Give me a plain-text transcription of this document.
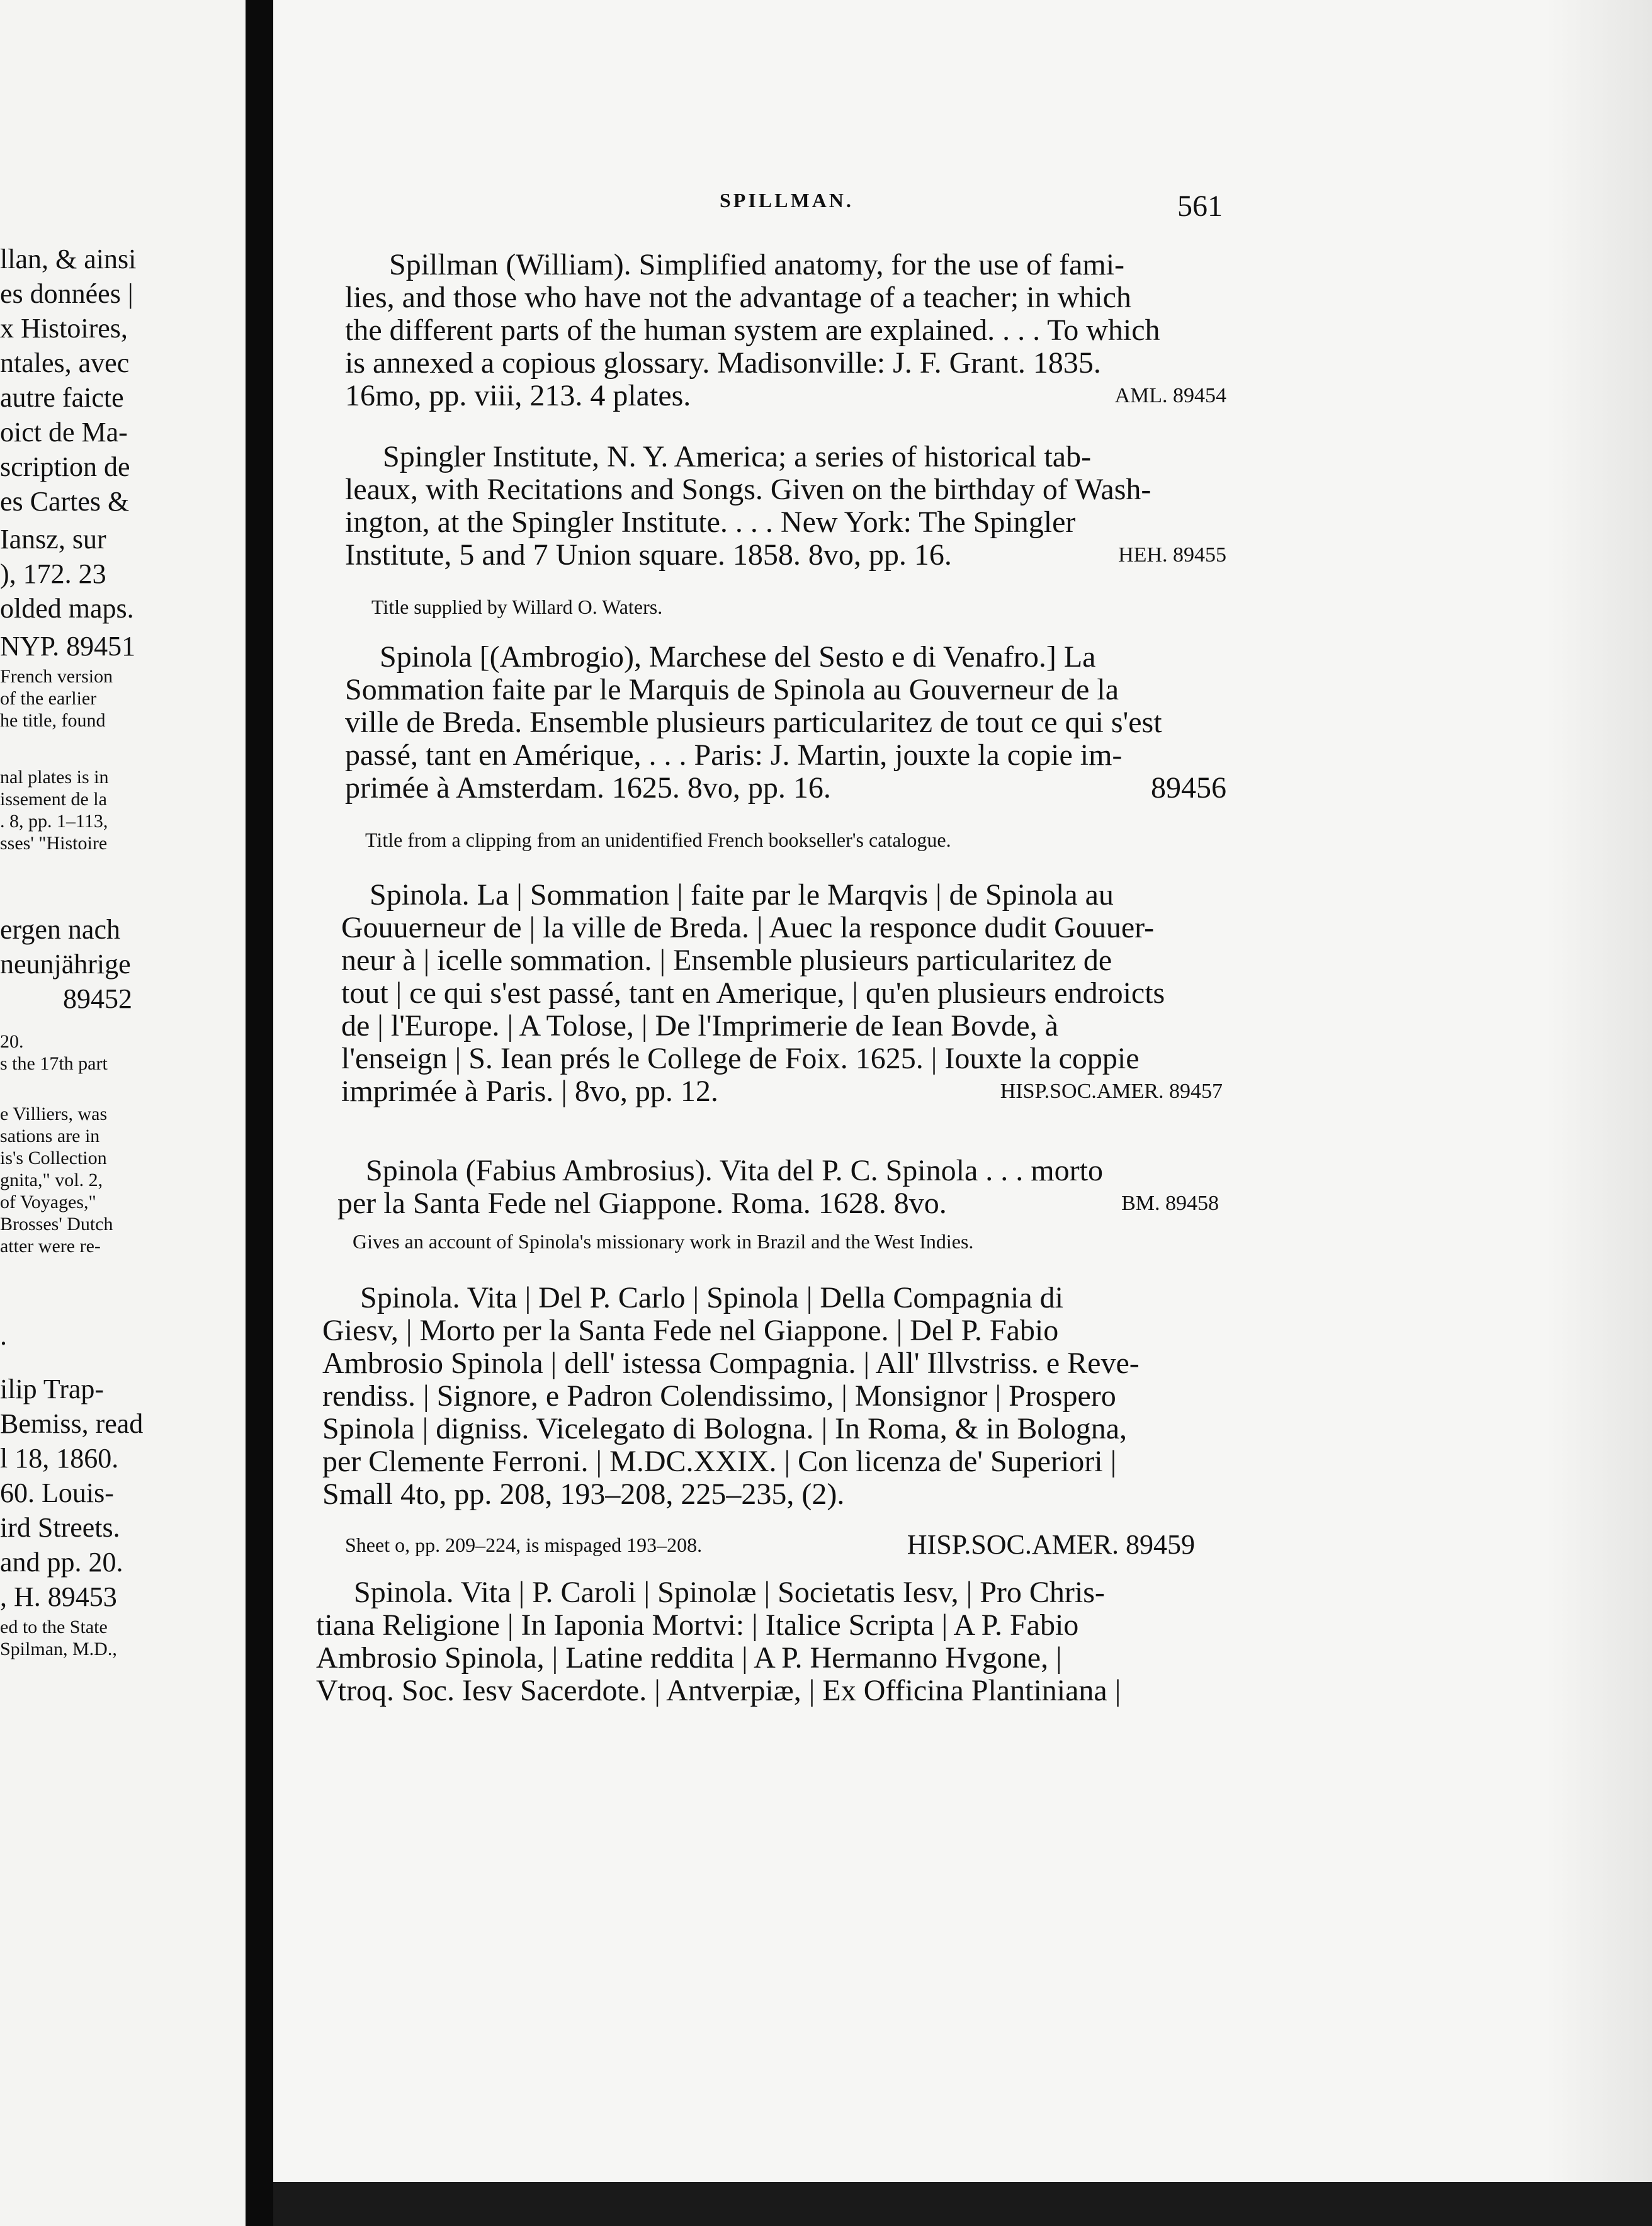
llan, & ainsi
es données |
x Histoires,
ntales, avec
autre faicte
oict de Ma-
scription de
es Cartes &
Iansz, sur
), 172. 23
olded maps.
NYP. 89451
French version
of the earlier
he title, found
nal plates is in
issement de la
. 8, pp. 1–113,
sses' "Histoire
ergen nach
neunjährige
89452
20.
s the 17th part
e Villiers, was
sations are in
is's Collection
gnita," vol. 2,
of Voyages,"
Brosses' Dutch
atter were re-
.
ilip Trap-
Bemiss, read
l 18, 1860.
60. Louis-
ird Streets.
and pp. 20.
, H. 89453
ed to the State
Spilman, M.D.,
SPILLMAN.	561
Spillman (William). Simplified anatomy, for the use of fami-
lies, and those who have not the advantage of a teacher; in which
the different parts of the human system are explained. . . . To which
is annexed a copious glossary. Madisonville: J. F. Grant. 1835.
16mo, pp. viii, 213. 4 plates.	AML. 89454
Spingler Institute, N. Y. America; a series of historical tab-
leaux, with Recitations and Songs. Given on the birthday of Wash-
ington, at the Spingler Institute. . . . New York: The Spingler
Institute, 5 and 7 Union square. 1858. 8vo, pp. 16.	HEH. 89455
Title supplied by Willard O. Waters.
Spinola [(Ambrogio), Marchese del Sesto e di Venafro.] La
Sommation faite par le Marquis de Spinola au Gouverneur de la
ville de Breda. Ensemble plusieurs particularitez de tout ce qui s'est
passé, tant en Amérique, . . . Paris: J. Martin, jouxte la copie im-
primée à Amsterdam. 1625. 8vo, pp. 16.	89456
Title from a clipping from an unidentified French bookseller's catalogue.
Spinola. La | Sommation | faite par le Marqvis | de Spinola au
Gouuerneur de | la ville de Breda. | Auec la responce dudit Gouuer-
neur à | icelle sommation. | Ensemble plusieurs particularitez de
tout | ce qui s'est passé, tant en Amerique, | qu'en plusieurs endroicts
de | l'Europe. | A Tolose, | De l'Imprimerie de Iean Bovde, à
l'enseign | S. Iean prés le College de Foix. 1625. | Iouxte la coppie
imprimée à Paris. | 8vo, pp. 12.	HISP.SOC.AMER. 89457
Spinola (Fabius Ambrosius). Vita del P. C. Spinola . . . morto
per la Santa Fede nel Giappone. Roma. 1628. 8vo.	BM. 89458
Gives an account of Spinola's missionary work in Brazil and the West Indies.
Spinola. Vita | Del P. Carlo | Spinola | Della Compagnia di
Giesv, | Morto per la Santa Fede nel Giappone. | Del P. Fabio
Ambrosio Spinola | dell' istessa Compagnia. | All' Illvstriss. e Reve-
rendiss. | Signore, e Padron Colendissimo, | Monsignor | Prospero
Spinola | digniss. Vicelegato di Bologna. | In Roma, & in Bologna,
per Clemente Ferroni. | M.DC.XXIX. | Con licenza de' Superiori |
Small 4to, pp. 208, 193–208, 225–235, (2).
Sheet o, pp. 209–224, is mispaged 193–208.	HISP.SOC.AMER. 89459
Spinola. Vita | P. Caroli | Spinolæ | Societatis Iesv, | Pro Chris-
tiana Religione | In Iaponia Mortvi: | Italice Scripta | A P. Fabio
Ambrosio Spinola, | Latine reddita | A P. Hermanno Hvgone, |
Vtroq. Soc. Iesv Sacerdote. | Antverpiæ, | Ex Officina Plantiniana |
